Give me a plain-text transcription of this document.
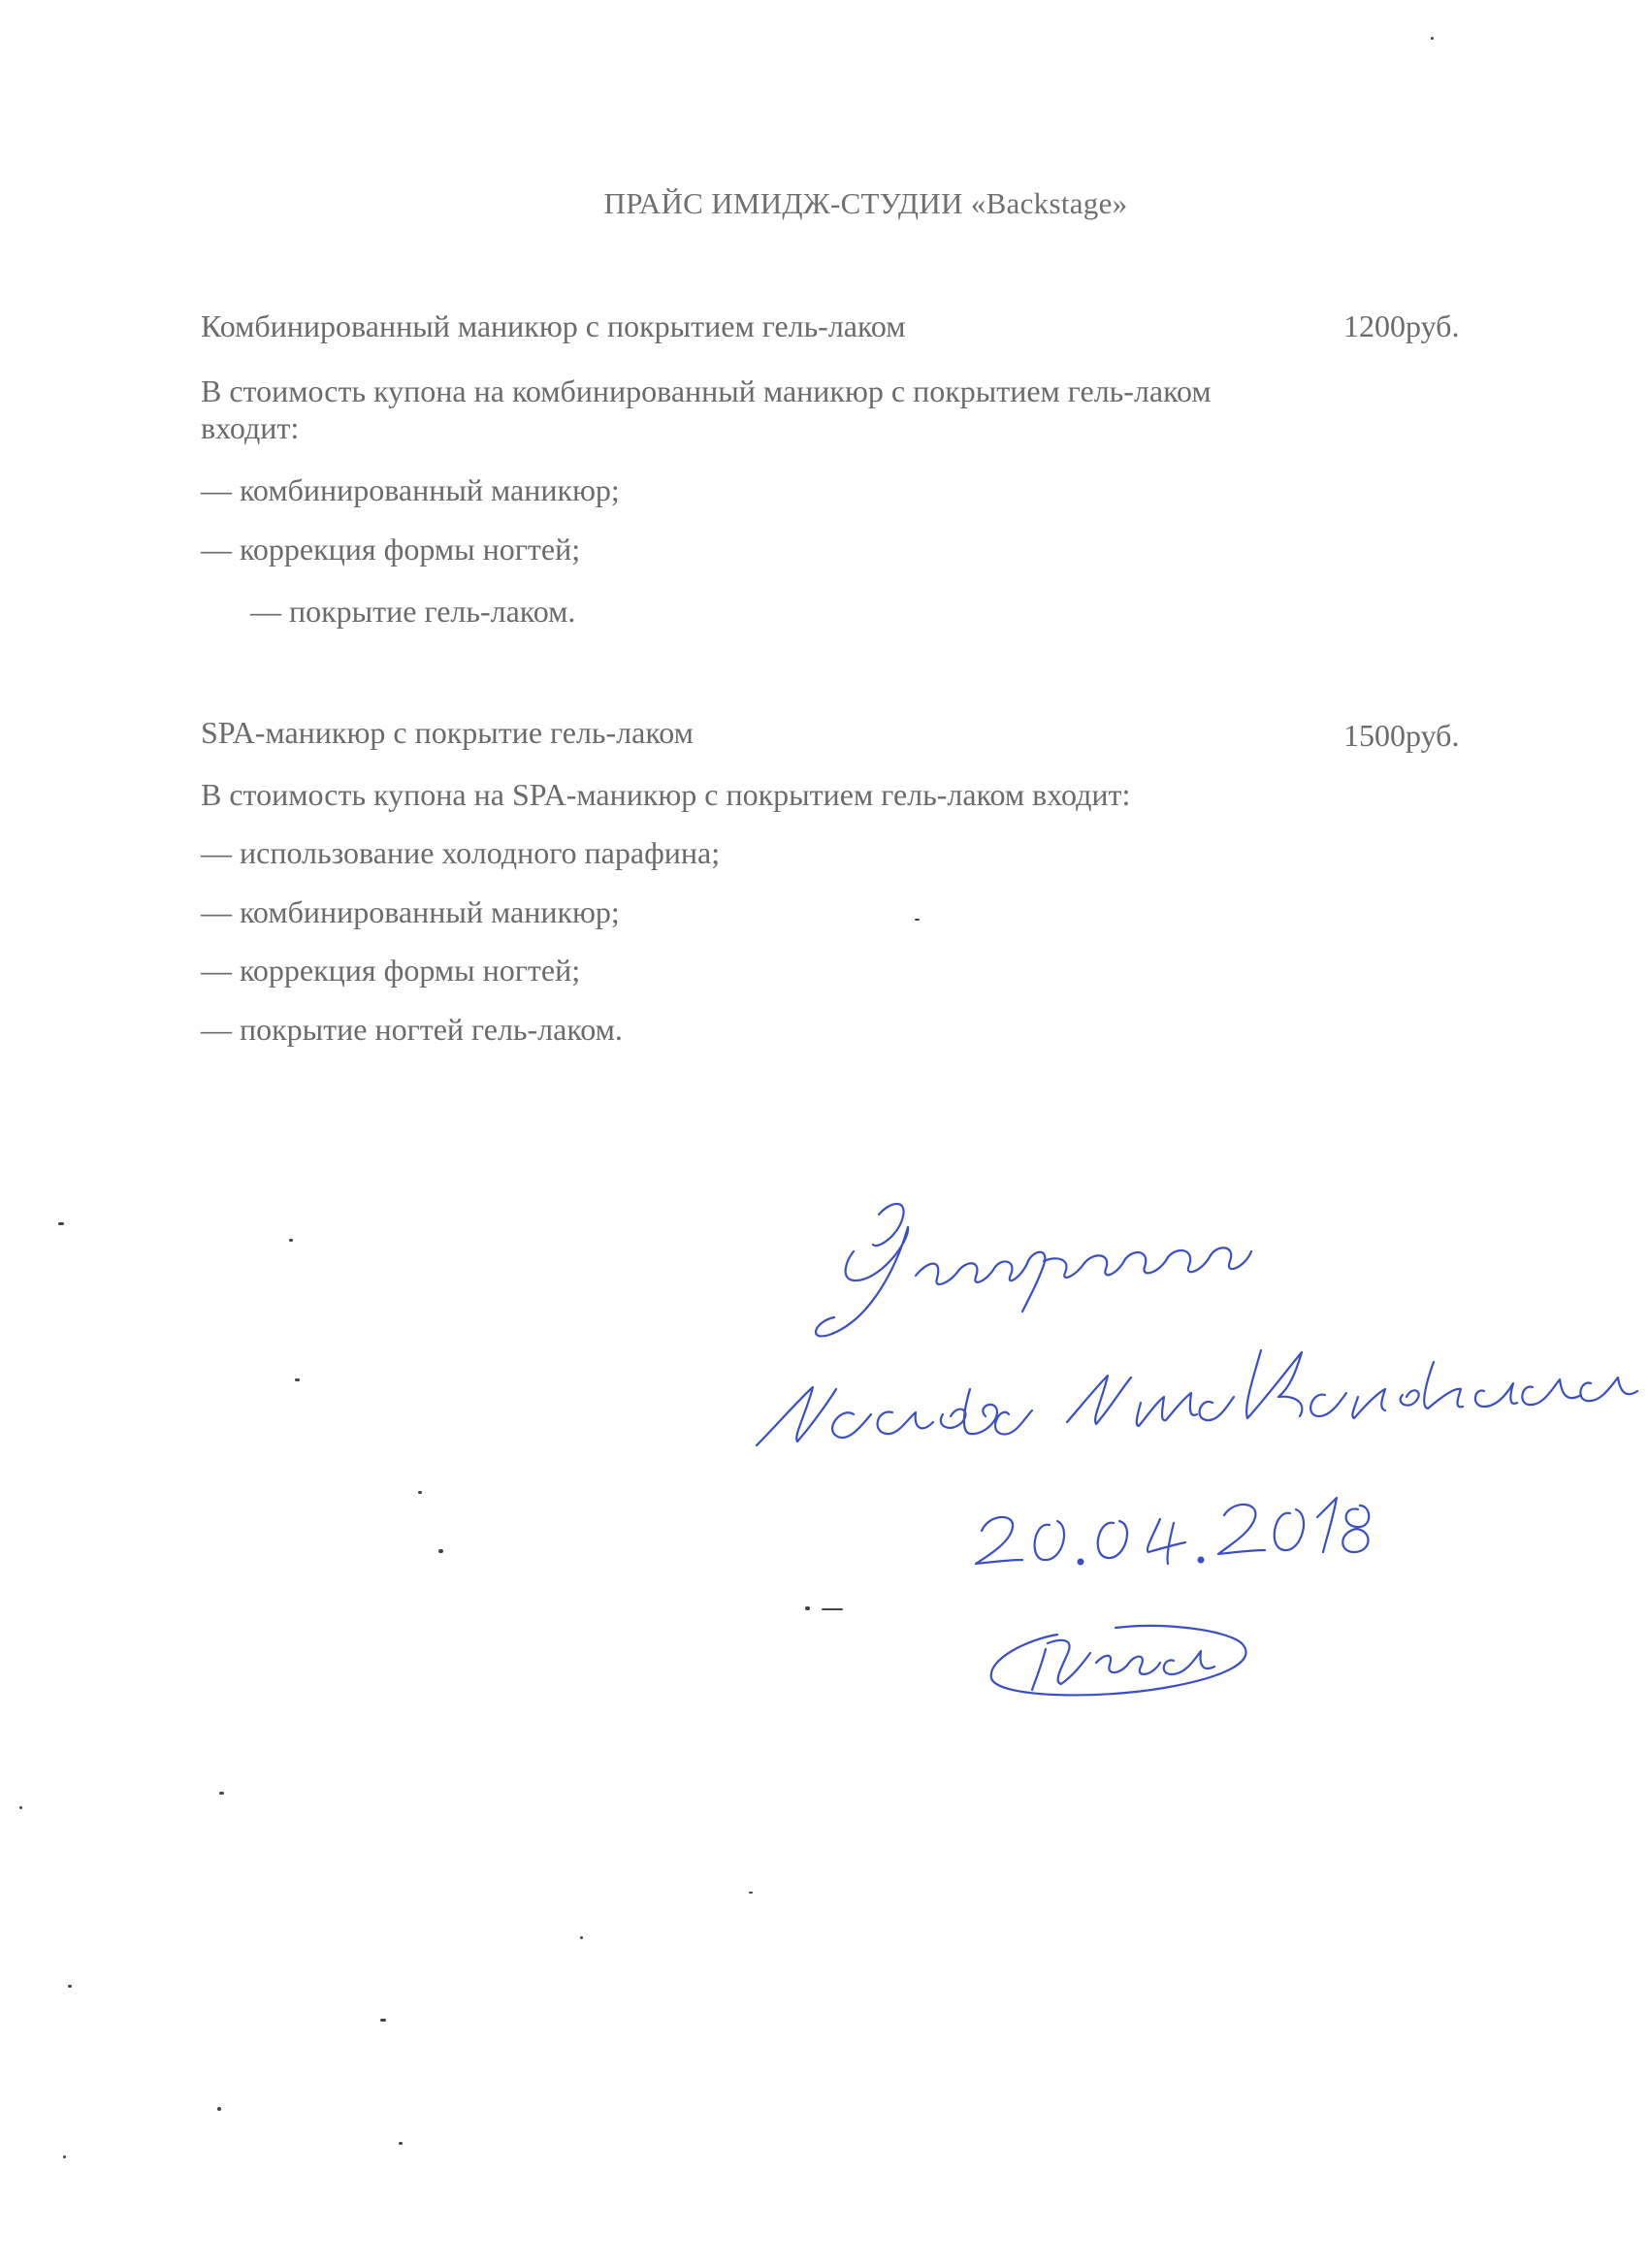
ПРАЙС ИМИДЖ-СТУДИИ «Backstage»
Комбинированный маникюр с покрытием гель-лаком	1200руб.
В стоимость купона на комбинированный маникюр с покрытием гель-лаком
входит:
— комбинированный маникюр;
— коррекция формы ногтей;
— покрытие гель-лаком.
SPA-маникюр с покрытие гель-лаком	1500руб.
В стоимость купона на SPA-маникюр с покрытием гель-лаком входит:
— использование холодного парафина;
— комбинированный маникюр;
— коррекция формы ногтей;
— покрытие ногтей гель-лаком.
